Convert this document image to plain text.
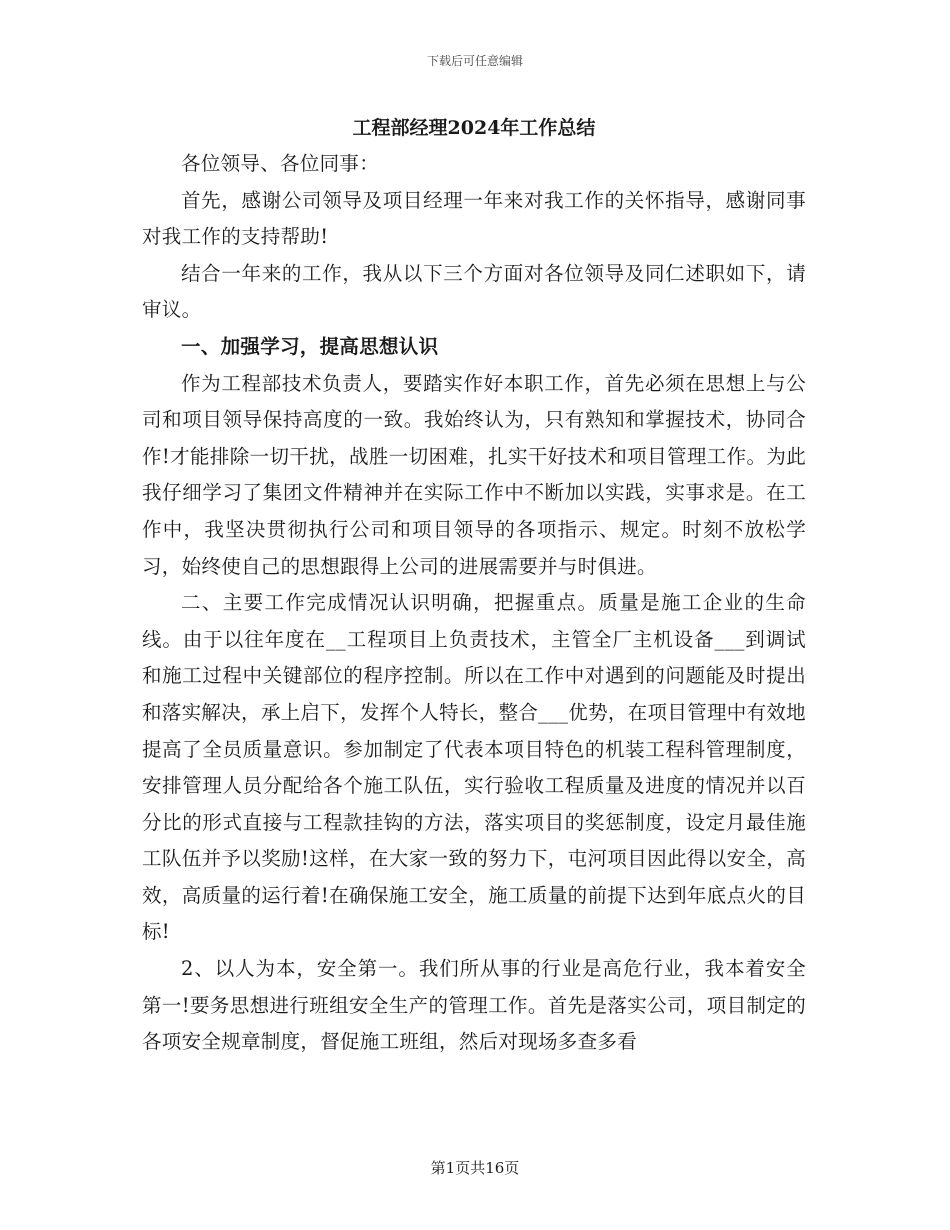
下载后可任意编辑
工程部经理2024年工作总结

各位领导、各位同事：

首先，感谢公司领导及项目经理一年来对我工作的关怀指导，感谢同事对我工作的支持帮助!

结合一年来的工作，我从以下三个方面对各位领导及同仁述职如下，请审议。

一、加强学习，提高思想认识

作为工程部技术负责人，要踏实作好本职工作，首先必须在思想上与公司和项目领导保持高度的一致。我始终认为，只有熟知和掌握技术，协同合作!才能排除一切干扰，战胜一切困难，扎实干好技术和项目管理工作。为此我仔细学习了集团文件精神并在实际工作中不断加以实践，实事求是。在工作中，我坚决贯彻执行公司和项目领导的各项指示、规定。时刻不放松学习，始终使自己的思想跟得上公司的进展需要并与时俱进。

二、主要工作完成情况认识明确，把握重点。质量是施工企业的生命线。由于以往年度在__工程项目上负责技术，主管全厂主机设备___到调试和施工过程中关键部位的程序控制。所以在工作中对遇到的问题能及时提出和落实解决，承上启下，发挥个人特长，整合___优势，在项目管理中有效地提高了全员质量意识。参加制定了代表本项目特色的机装工程科管理制度，安排管理人员分配给各个施工队伍，实行验收工程质量及进度的情况并以百分比的形式直接与工程款挂钩的方法，落实项目的奖惩制度，设定月最佳施工队伍并予以奖励!这样，在大家一致的努力下，屯河项目因此得以安全，高效，高质量的运行着!在确保施工安全，施工质量的前提下达到年底点火的目标!

2、以人为本，安全第一。我们所从事的行业是高危行业，我本着安全第一!要务思想进行班组安全生产的管理工作。首先是落实公司，项目制定的各项安全规章制度，督促施工班组，然后对现场多查多看

第1页共16页
